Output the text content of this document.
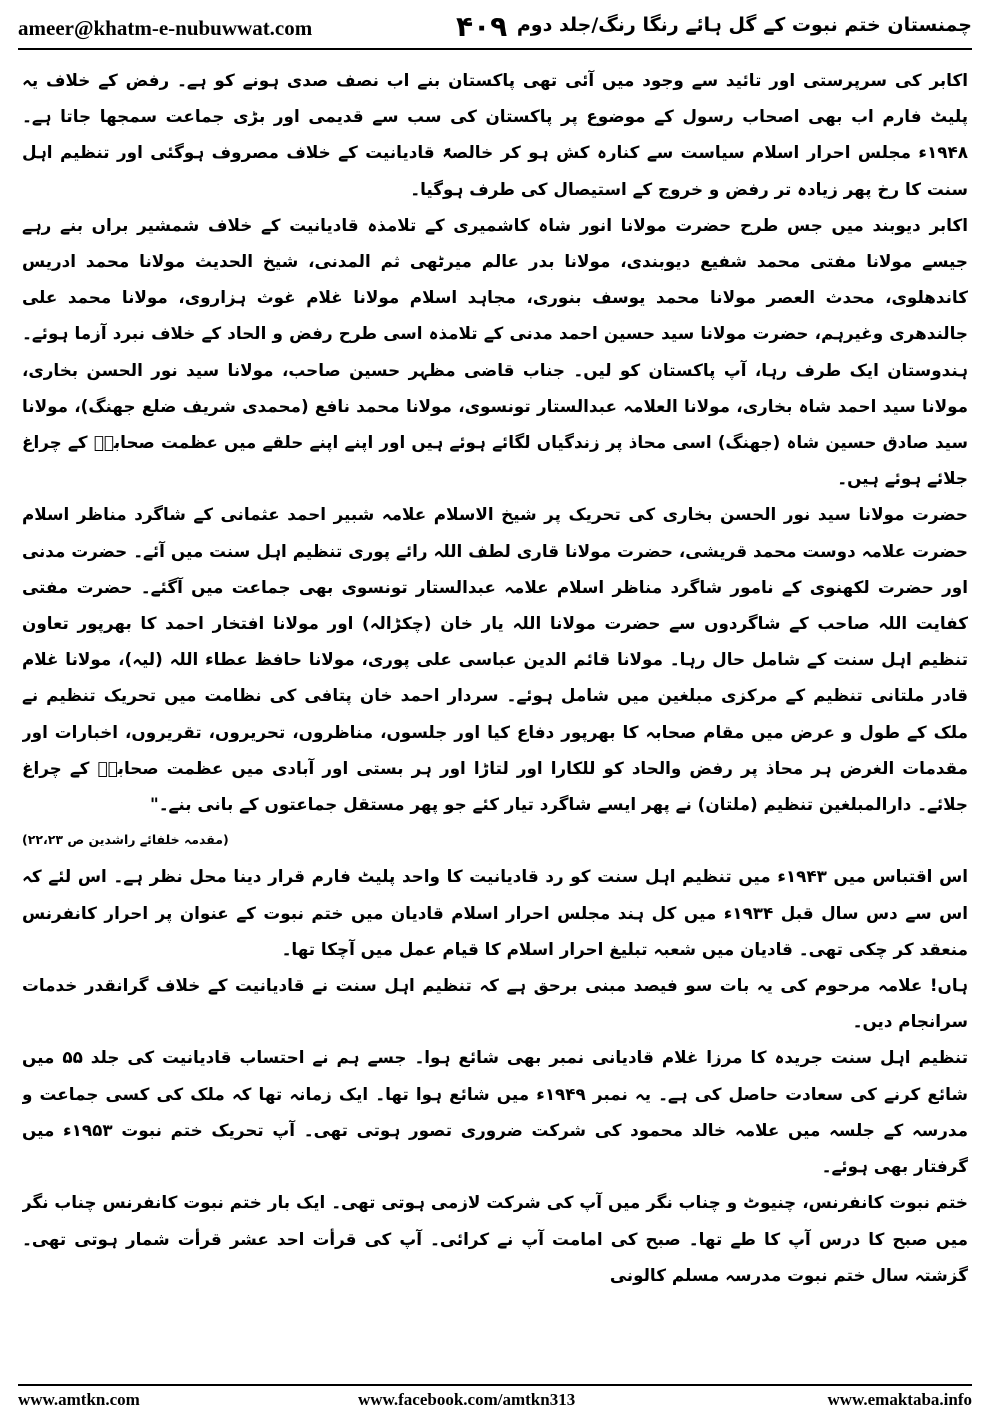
ameer@khatm-e-nubuwwat.com	۴۰۹ چمنستان ختم نبوت کے گل ہائے رنگا رنگ/جلد دوم

اکابر کی سرپرستی اور تائید سے وجود میں آئی تھی پاکستان بنے اب نصف صدی ہونے کو ہے۔ رفض کے خلاف یہ پلیٹ فارم اب بھی اصحاب رسول کے موضوع پر پاکستان کی سب سے قدیمی اور بڑی جماعت سمجھا جاتا ہے۔ ۱۹۴۸ء مجلس احرار اسلام سیاست سے کنارہ کش ہو کر خالصۃً قادیانیت کے خلاف مصروف ہوگئی اور تنظیم اہل سنت کا رخ پھر زیادہ تر رفض و خروج کے استیصال کی طرف ہوگیا۔

اکابر دیوبند میں جس طرح حضرت مولانا انور شاہ کاشمیری کے تلامذہ قادیانیت کے خلاف شمشیر براں بنے رہے جیسے مولانا مفتی محمد شفیع دیوبندی، مولانا بدر عالم میرٹھی ثم المدنی، شیخ الحدیث مولانا محمد ادریس کاندھلوی، محدث العصر مولانا محمد یوسف بنوری، مجاہد اسلام مولانا غلام غوث ہزاروی، مولانا محمد علی جالندھری وغیرہم، حضرت مولانا سید حسین احمد مدنی کے تلامذہ اسی طرح رفض و الحاد کے خلاف نبرد آزما ہوئے۔ ہندوستان ایک طرف رہا، آپ پاکستان کو لیں۔ جناب قاضی مظہر حسین صاحب، مولانا سید نور الحسن بخاری، مولانا سید احمد شاہ بخاری، مولانا العلامہ عبدالستار تونسوی، مولانا محمد نافع (محمدی شریف ضلع جھنگ)، مولانا سید صادق حسین شاہ (جھنگ) اسی محاذ پر زندگیاں لگائے ہوئے ہیں اور اپنے اپنے حلقے میں عظمت صحابہؓ کے چراغ جلائے ہوئے ہیں۔

حضرت مولانا سید نور الحسن بخاری کی تحریک پر شیخ الاسلام علامہ شبیر احمد عثمانی کے شاگرد مناظر اسلام حضرت علامہ دوست محمد قریشی، حضرت مولانا قاری لطف اللہ رائے پوری تنظیم اہل سنت میں آئے۔ حضرت مدنی اور حضرت لکھنوی کے نامور شاگرد مناظر اسلام علامہ عبدالستار تونسوی بھی جماعت میں آگئے۔ حضرت مفتی کفایت اللہ صاحب کے شاگردوں سے حضرت مولانا اللہ یار خان (چکڑالہ) اور مولانا افتخار احمد کا بھرپور تعاون تنظیم اہل سنت کے شامل حال رہا۔ مولانا قائم الدین عباسی علی پوری، مولانا حافظ عطاء اللہ (لیہ)، مولانا غلام قادر ملتانی تنظیم کے مرکزی مبلغین میں شامل ہوئے۔ سردار احمد خان پتافی کی نظامت میں تحریک تنظیم نے ملک کے طول و عرض میں مقام صحابہ کا بھرپور دفاع کیا اور جلسوں، مناظروں، تحریروں، تقریروں، اخبارات اور مقدمات الغرض ہر محاذ پر رفض والحاد کو للکارا اور لتاڑا اور ہر بستی اور آبادی میں عظمت صحابہؓ کے چراغ جلائے۔ دارالمبلغین تنظیم (ملتان) نے پھر ایسے شاگرد تیار کئے جو پھر مستقل جماعتوں کے بانی بنے۔"

(مقدمہ خلفائے راشدین ص ۲۲،۲۳)

اس اقتباس میں ۱۹۴۳ء میں تنظیم اہل سنت کو رد قادیانیت کا واحد پلیٹ فارم قرار دینا محل نظر ہے۔ اس لئے کہ اس سے دس سال قبل ۱۹۳۴ء میں کل ہند مجلس احرار اسلام قادیان میں ختم نبوت کے عنوان پر احرار کانفرنس منعقد کر چکی تھی۔ قادیان میں شعبہ تبلیغ احرار اسلام کا قیام عمل میں آچکا تھا۔

ہاں! علامہ مرحوم کی یہ بات سو فیصد مبنی برحق ہے کہ تنظیم اہل سنت نے قادیانیت کے خلاف گرانقدر خدمات سرانجام دیں۔

تنظیم اہل سنت جریدہ کا مرزا غلام قادیانی نمبر بھی شائع ہوا۔ جسے ہم نے احتساب قادیانیت کی جلد ۵۵ میں شائع کرنے کی سعادت حاصل کی ہے۔ یہ نمبر ۱۹۴۹ء میں شائع ہوا تھا۔ ایک زمانہ تھا کہ ملک کی کسی جماعت و مدرسہ کے جلسہ میں علامہ خالد محمود کی شرکت ضروری تصور ہوتی تھی۔ آپ تحریک ختم نبوت ۱۹۵۳ء میں گرفتار بھی ہوئے۔

ختم نبوت کانفرنس، چنیوٹ و چناب نگر میں آپ کی شرکت لازمی ہوتی تھی۔ ایک بار ختم نبوت کانفرنس چناب نگر میں صبح کا درس آپ کا طے تھا۔ صبح کی امامت آپ نے کرائی۔ آپ کی قرأت احد عشر قرأت شمار ہوتی تھی۔ گزشتہ سال ختم نبوت مدرسہ مسلم کالونی

www.amtkn.com	www.facebook.com/amtkn313	www.emaktaba.info
